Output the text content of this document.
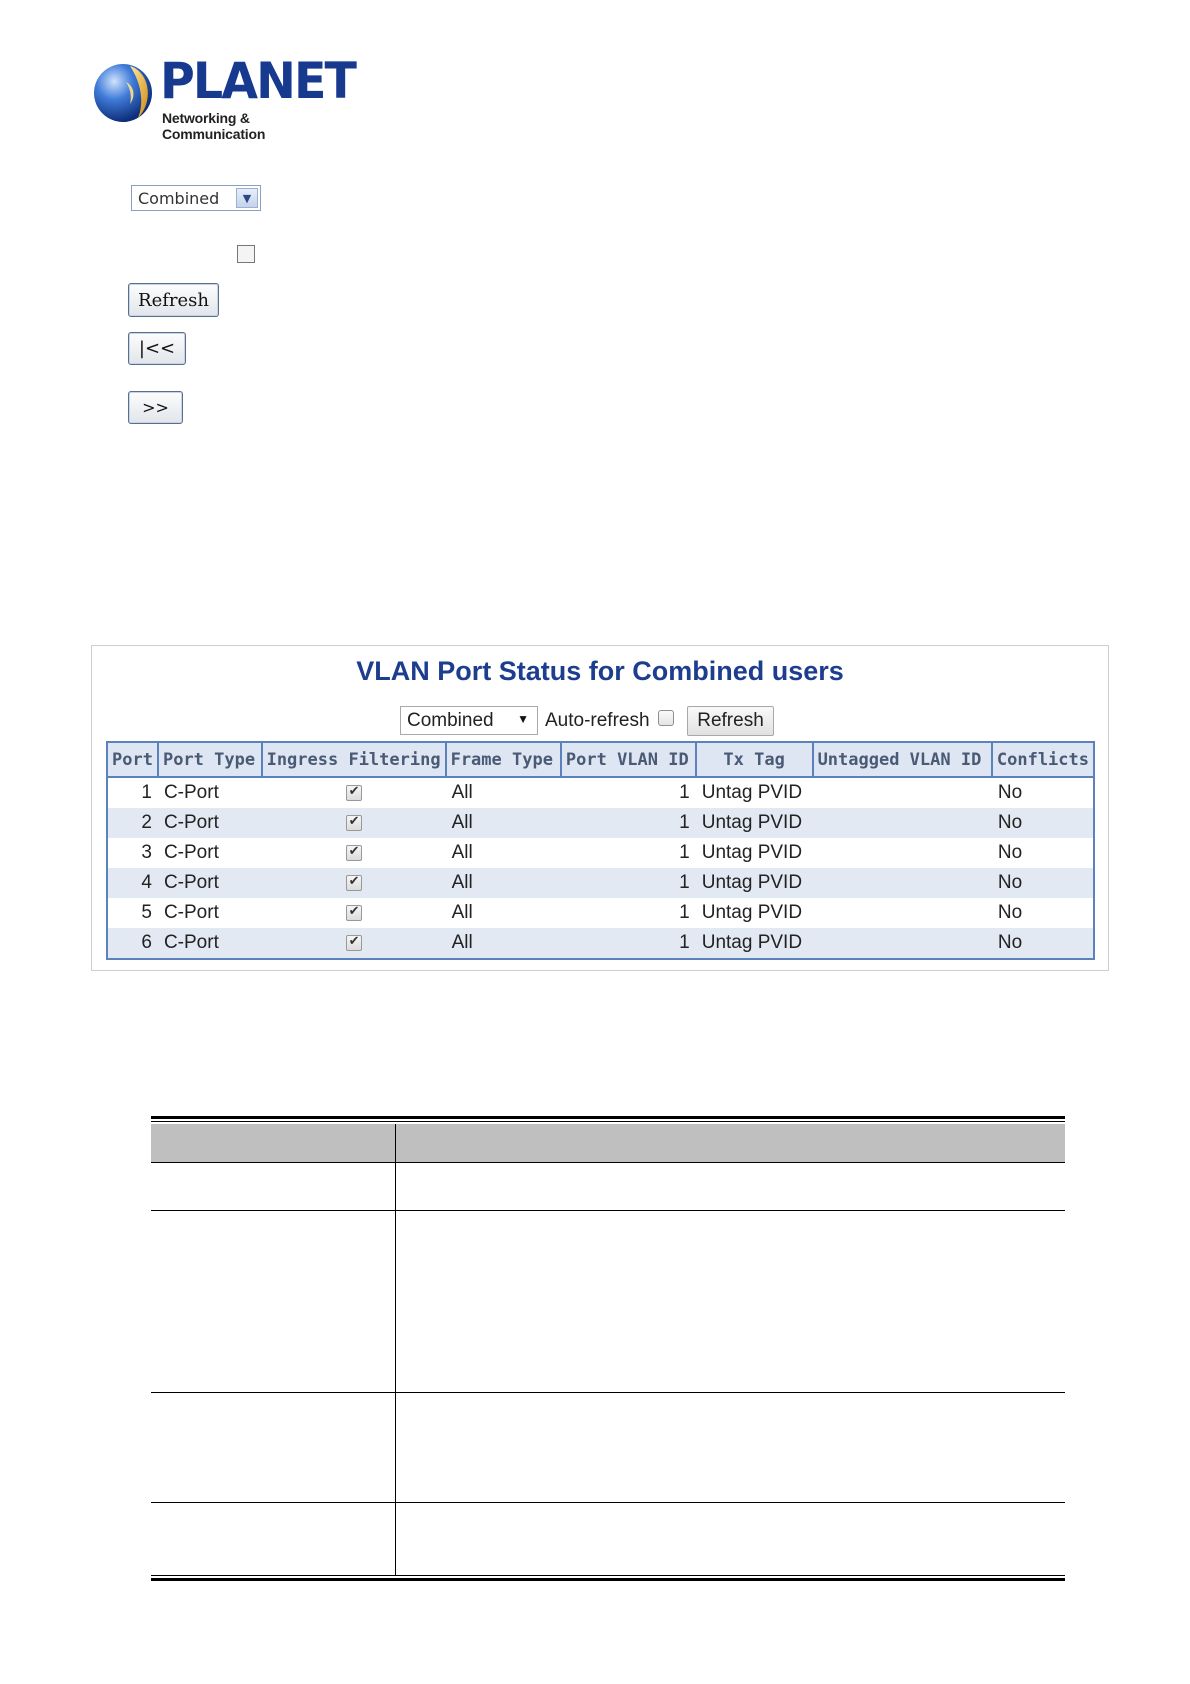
PLANET
Networking & Communication
Combined	▼
Refresh
|<<
>>
VLAN Port Status for Combined users
Combined ▼ Auto-refresh	Refresh
Port	Port Type	Ingress Filtering	Frame Type	Port VLAN ID	Tx Tag	Untagged VLAN ID	Conflicts
1	C-Port	✔	All	1	Untag PVID		No
2	C-Port	✔	All	1	Untag PVID		No
3	C-Port	✔	All	1	Untag PVID		No
4	C-Port	✔	All	1	Untag PVID		No
5	C-Port	✔	All	1	Untag PVID		No
6	C-Port	✔	All	1	Untag PVID		No
